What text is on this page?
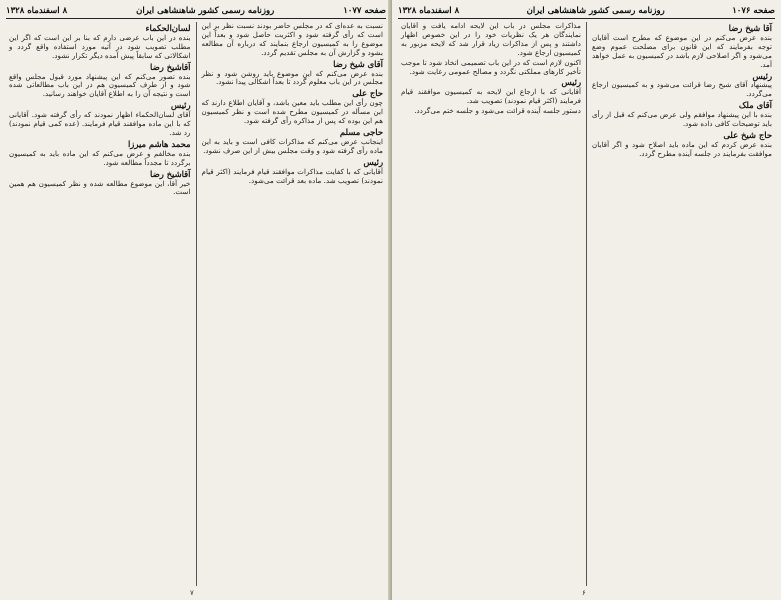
صفحه ۱۰۷۷
روزنامه رسمی کشور شاهنشاهی ایران
۸ اسفندماه ۱۳۲۸

نسبت به عده‌ای که در مجلس حاضر بودند نسبت نظر بر این است که رأی گرفته شود و اکثریت حاصل شود و بعداً این موضوع را به کمیسیون ارجاع بنمایند که درباره آن مطالعه بشود و گزارش آن به مجلس تقدیم گردد.

آقای شیخ رضا

بنده عرض می‌کنم که این موضوع باید روشن شود و نظر مجلس در این باب معلوم گردد تا بعداً اشکالی پیدا نشود.

حاج علی

چون رأی این مطلب باید معین باشد، و آقایان اطلاع دارند که این مسأله در کمیسیون مطرح شده است و نظر کمیسیون هم این بوده که پس از مذاکره رأی گرفته شود.

حاجی مسلم

اینجانب عرض می‌کنم که مذاکرات کافی است و باید به این ماده رأی گرفته شود و وقت مجلس بیش از این صرف نشود.

رئیس

آقایانی که با کفایت مذاکرات موافقند قیام فرمایند (اکثر قیام نمودند) تصویب شد. ماده بعد قرائت می‌شود.

لسان‌الحکماء

بنده در این باب عرضی دارم که بنا بر این است که اگر این مطلب تصویب شود در آتیه مورد استفاده واقع گردد و اشکالاتی که سابقاً پیش آمده دیگر تکرار نشود.

آقاشیخ رضا

بنده تصور می‌کنم که این پیشنهاد مورد قبول مجلس واقع شود و از طرف کمیسیون هم در این باب مطالعاتی شده است و نتیجه آن را به اطلاع آقایان خواهند رسانید.

رئیس

آقای لسان‌الحکماء اظهار نمودند که رأی گرفته شود. آقایانی که با این ماده موافقند قیام فرمایند. (عده کمی قیام نمودند) رد شد.

محمد هاشم میرزا

بنده مخالفم و عرض می‌کنم که این ماده باید به کمیسیون برگردد تا مجدداً مطالعه شود.

آقاشیخ رضا

خیر آقا، این موضوع مطالعه شده و نظر کمیسیون هم همین است.

۷
صفحه ۱۰۷۶
روزنامه رسمی کشور شاهنشاهی ایران
۸ اسفندماه ۱۳۲۸
آقا شیخ رضا

بنده عرض می‌کنم در این موضوع که مطرح است آقایان توجه بفرمایند که این قانون برای مصلحت عموم وضع می‌شود و اگر اصلاحی لازم باشد در کمیسیون به عمل خواهد آمد.

رئیس

پیشنهاد آقای شیخ رضا قرائت می‌شود و به کمیسیون ارجاع می‌گردد.

آقای ملک

بنده با این پیشنهاد موافقم ولی عرض می‌کنم که قبل از رأی باید توضیحات کافی داده شود.

حاج شیخ علی

بنده عرض کردم که این ماده باید اصلاح شود و اگر آقایان موافقت بفرمایند در جلسه آینده مطرح گردد.

مذاکرات مجلس در باب این لایحه ادامه یافت و آقایان نمایندگان هر یک نظریات خود را در این خصوص اظهار داشتند و پس از مذاکرات زیاد قرار شد که لایحه مزبور به کمیسیون ارجاع شود.

اکنون لازم است که در این باب تصمیمی اتخاذ شود تا موجب تأخیر کارهای مملکتی نگردد و مصالح عمومی رعایت شود.

رئیس

آقایانی که با ارجاع این لایحه به کمیسیون موافقند قیام فرمایند (اکثر قیام نمودند) تصویب شد.

دستور جلسه آینده قرائت می‌شود و جلسه ختم می‌گردد.

۶
